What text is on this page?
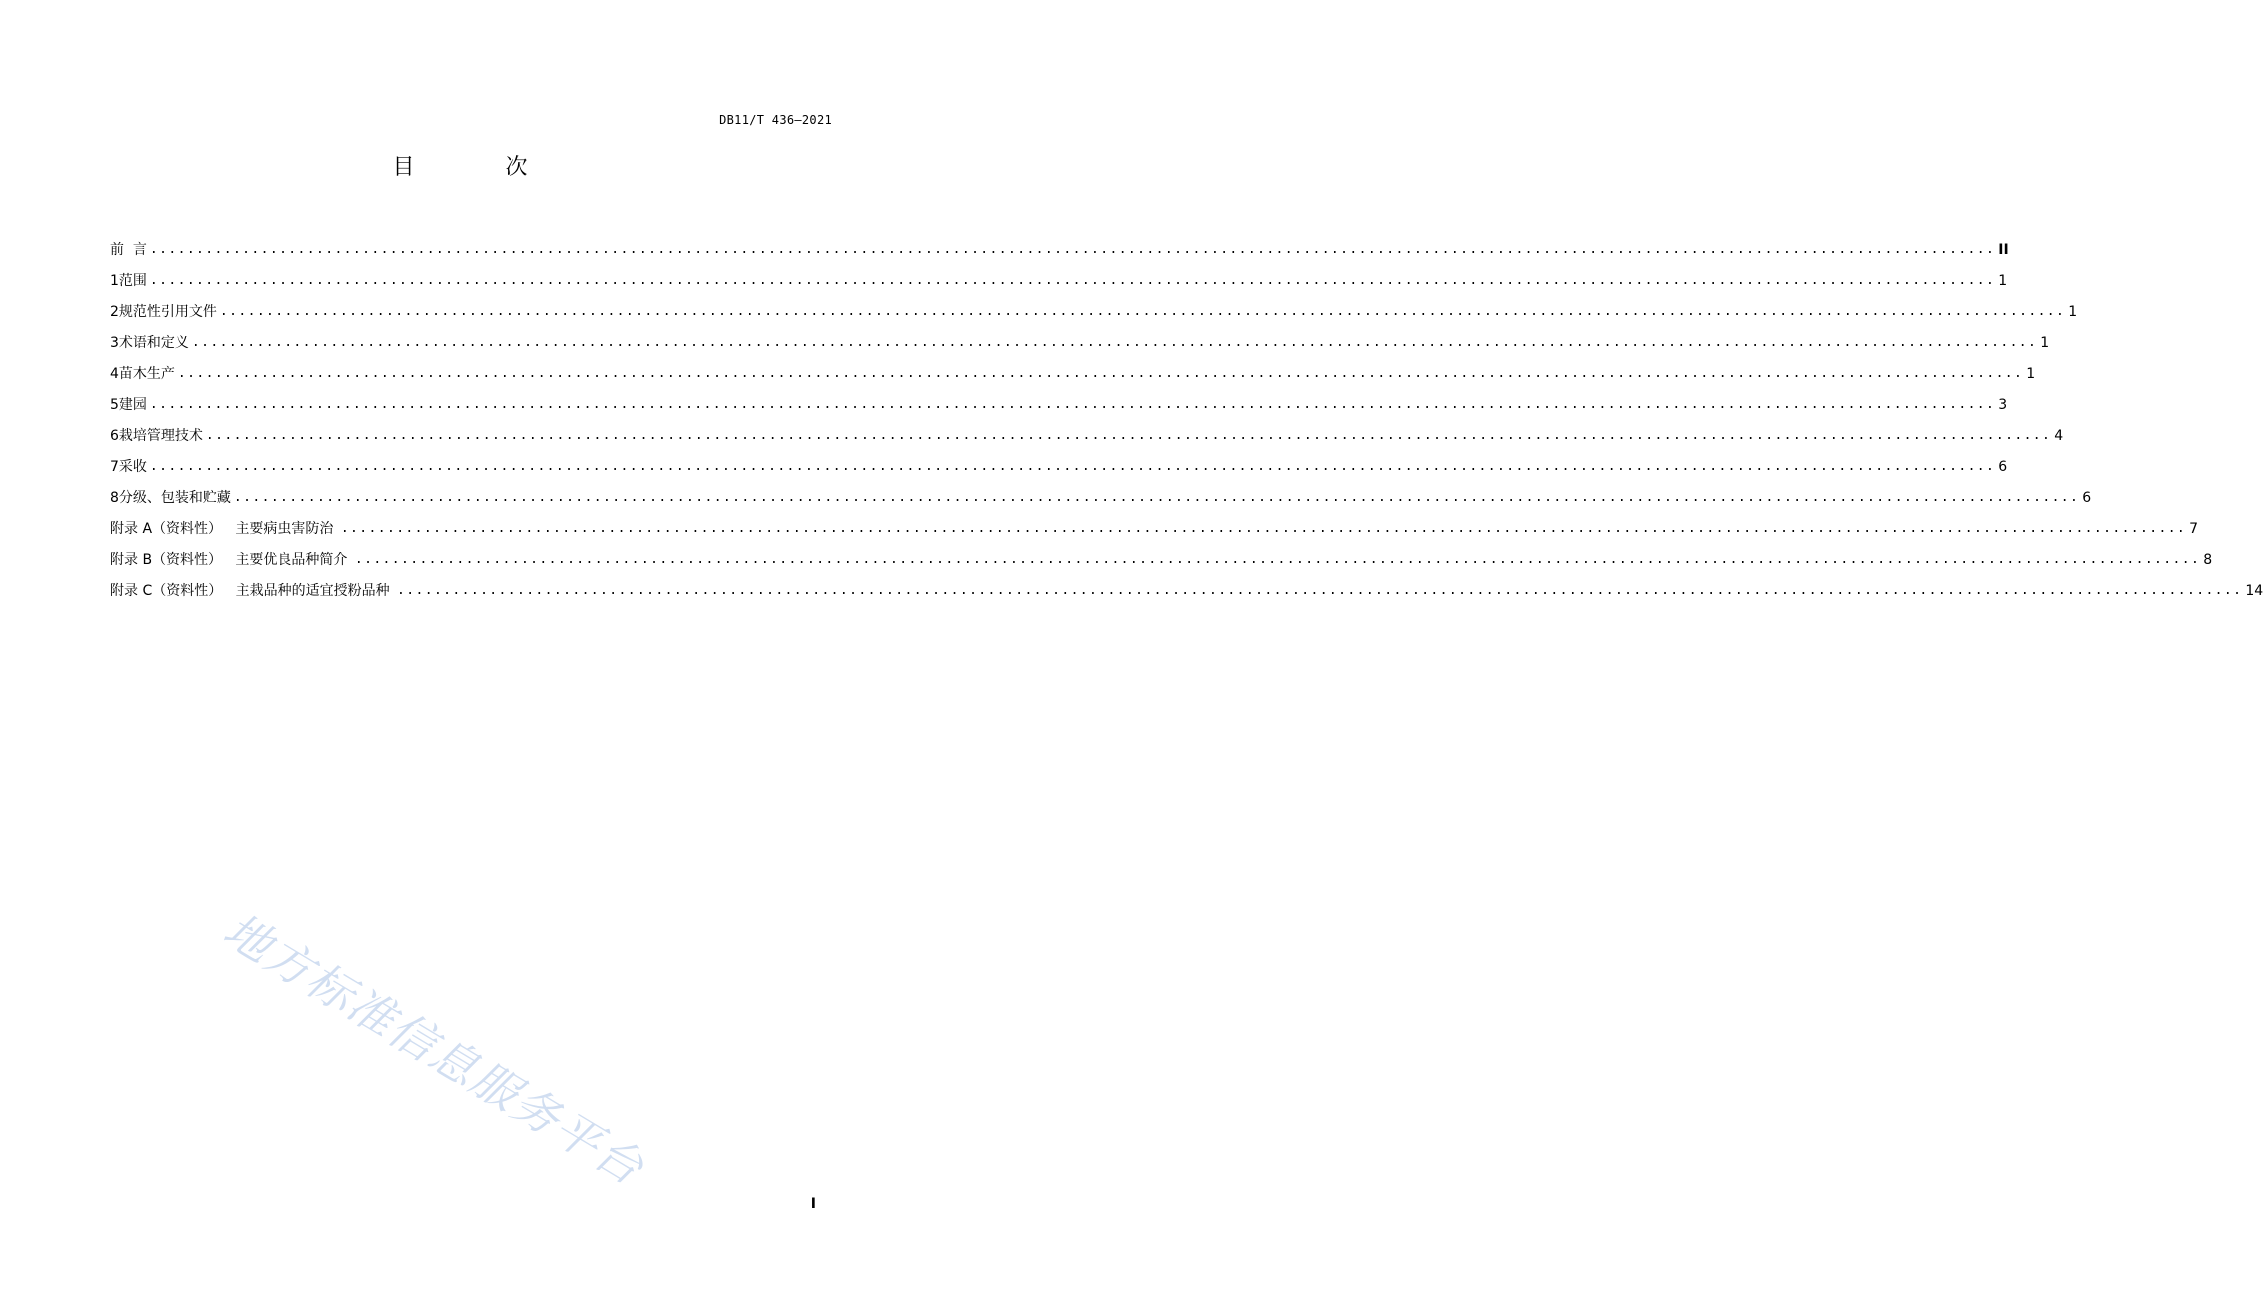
DB11/T 436—2021
目 次
前  言 ........................................................................................................................................................................................................ II
1 范围 ........................................................................................................................................................................................................ 1
2 规范性引用文件 ........................................................................................................................................................................................................ 1
3 术语和定义 ........................................................................................................................................................................................................ 1
4 苗木生产 ........................................................................................................................................................................................................ 1
5 建园 ........................................................................................................................................................................................................ 3
6 栽培管理技术 ........................................................................................................................................................................................................ 4
7 采收 ........................................................................................................................................................................................................ 6
8 分级、包装和贮藏 ........................................................................................................................................................................................................ 6
附录 A（资料性）   主要病虫害防治 ........................................................................................................................................................................................................ 7
附录 B（资料性）   主要优良品种简介 ........................................................................................................................................................................................................ 8
附录 C（资料性）   主栽品种的适宜授粉品种 ........................................................................................................................................................................................................ 14
地方标准信息服务平台
I
